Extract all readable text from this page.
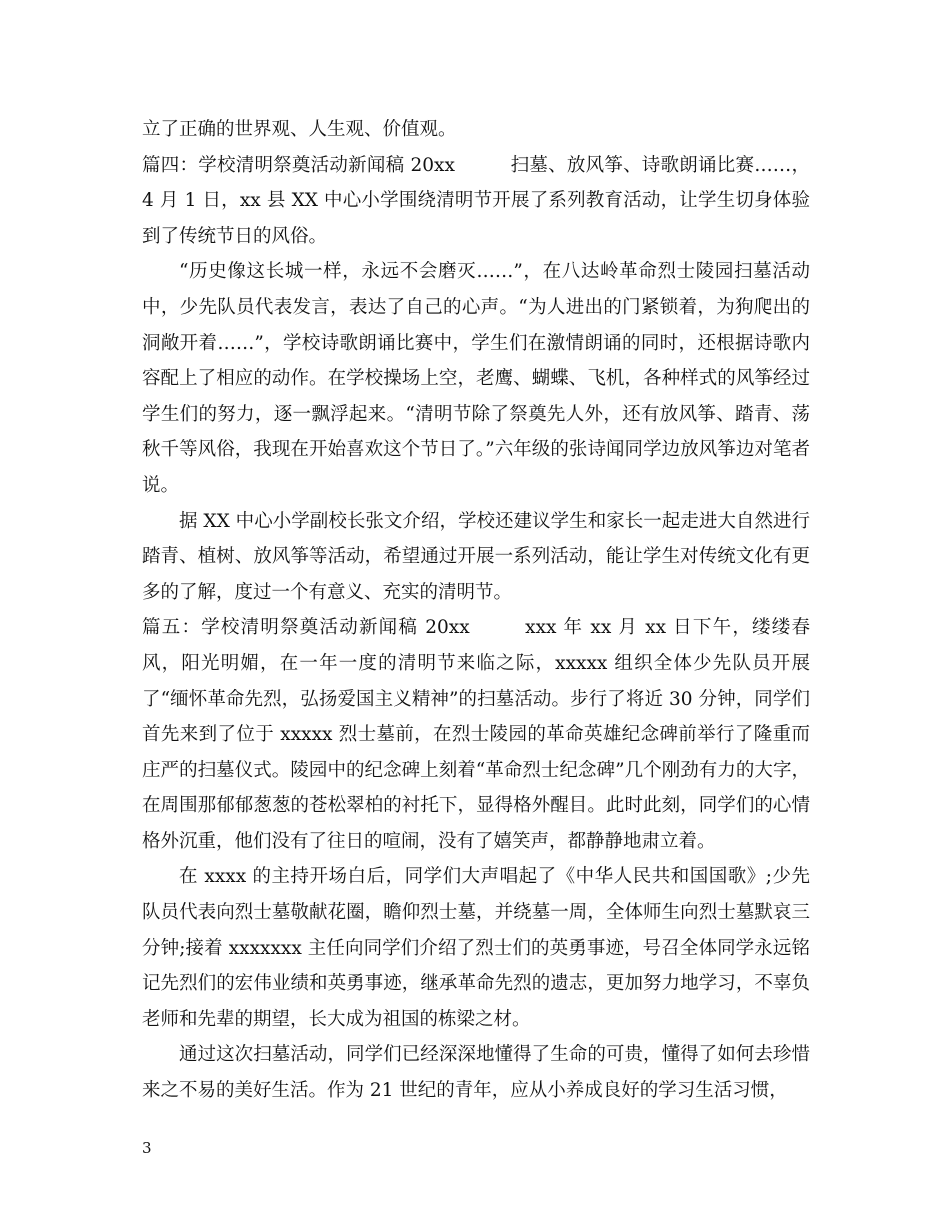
立了正确的世界观、人生观、价值观。

篇四：学校清明祭奠活动新闻稿 20xx	扫墓、放风筝、诗歌朗诵比赛……，4 月 1 日，xx 县 XX 中心小学围绕清明节开展了系列教育活动，让学生切身体验到了传统节日的风俗。

“历史像这长城一样，永远不会磨灭……”，在八达岭革命烈士陵园扫墓活动中，少先队员代表发言，表达了自己的心声。“为人进出的门紧锁着，为狗爬出的洞敞开着……”，学校诗歌朗诵比赛中，学生们在激情朗诵的同时，还根据诗歌内容配上了相应的动作。在学校操场上空，老鹰、蝴蝶、飞机，各种样式的风筝经过学生们的努力，逐一飘浮起来。“清明节除了祭奠先人外，还有放风筝、踏青、荡秋千等风俗，我现在开始喜欢这个节日了。”六年级的张诗闻同学边放风筝边对笔者说。

据 XX 中心小学副校长张文介绍，学校还建议学生和家长一起走进大自然进行踏青、植树、放风筝等活动，希望通过开展一系列活动，能让学生对传统文化有更多的了解，度过一个有意义、充实的清明节。

篇五：学校清明祭奠活动新闻稿 20xx	xxx 年 xx 月 xx 日下午，缕缕春风，阳光明媚，在一年一度的清明节来临之际，xxxxx 组织全体少先队员开展了“缅怀革命先烈，弘扬爱国主义精神”的扫墓活动。步行了将近 30 分钟，同学们首先来到了位于 xxxxx 烈士墓前，在烈士陵园的革命英雄纪念碑前举行了隆重而庄严的扫墓仪式。陵园中的纪念碑上刻着“革命烈士纪念碑”几个刚劲有力的大字，在周围那郁郁葱葱的苍松翠柏的衬托下，显得格外醒目。此时此刻，同学们的心情格外沉重，他们没有了往日的喧闹，没有了嬉笑声，都静静地肃立着。

在 xxxx 的主持开场白后，同学们大声唱起了《中华人民共和国国歌》;少先队员代表向烈士墓敬献花圈，瞻仰烈士墓，并绕墓一周，全体师生向烈士墓默哀三分钟;接着 xxxxxxx 主任向同学们介绍了烈士们的英勇事迹，号召全体同学永远铭记先烈们的宏伟业绩和英勇事迹，继承革命先烈的遗志，更加努力地学习，不辜负老师和先辈的期望，长大成为祖国的栋梁之材。

通过这次扫墓活动，同学们已经深深地懂得了生命的可贵，懂得了如何去珍惜来之不易的美好生活。作为 21 世纪的青年，应从小养成良好的学习生活习惯，

3
